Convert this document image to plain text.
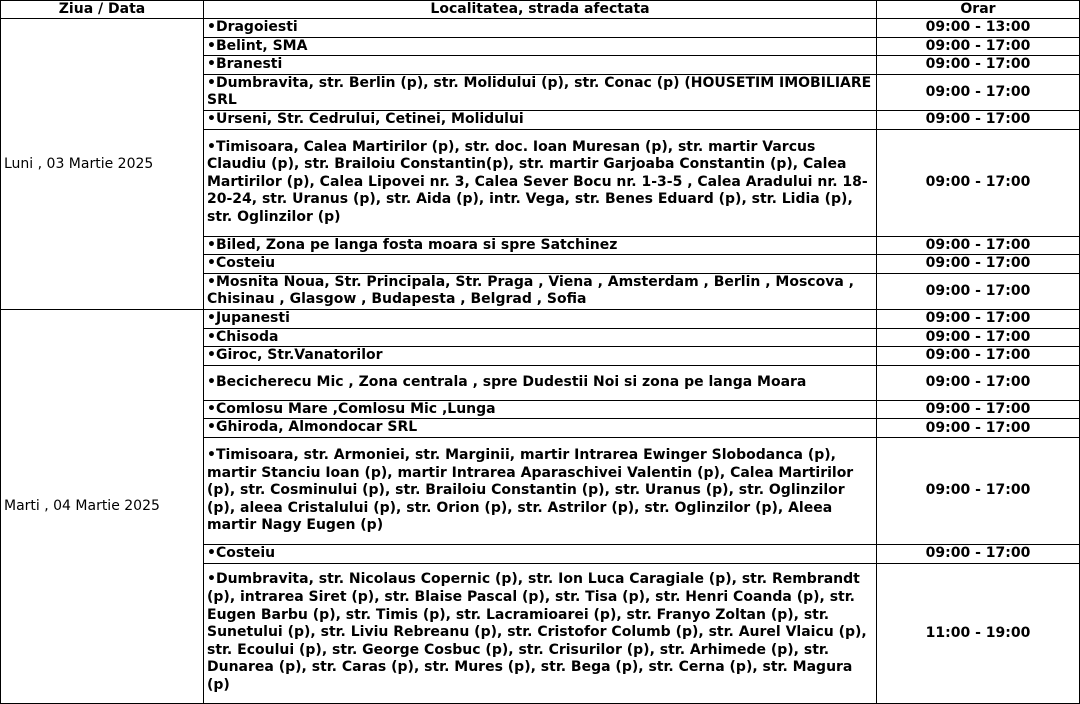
Ziua / Data	Localitatea, strada afectata	Orar
Luni , 03 Martie 2025	•Dragoiesti	09:00 - 13:00
	•Belint, SMA	09:00 - 17:00
	•Branesti	09:00 - 17:00
	•Dumbravita, str. Berlin (p), str. Molidului (p), str. Conac (p) (HOUSETIM IMOBILIARE SRL	09:00 - 17:00
	•Urseni, Str. Cedrului, Cetinei, Molidului	09:00 - 17:00
	•Timisoara, Calea Martirilor (p), str. doc. Ioan Muresan (p), str. martir Varcus Claudiu (p), str. Brailoiu Constantin(p), str. martir Garjoaba Constantin (p), Calea Martirilor (p), Calea Lipovei nr. 3, Calea Sever Bocu nr. 1-3-5 , Calea Aradului nr. 18-20-24, str. Uranus (p), str. Aida (p), intr. Vega, str. Benes Eduard (p), str. Lidia (p), str. Oglinzilor (p)	09:00 - 17:00
	•Biled, Zona pe langa fosta moara si spre Satchinez	09:00 - 17:00
	•Costeiu	09:00 - 17:00
	•Mosnita Noua, Str. Principala, Str. Praga , Viena , Amsterdam , Berlin , Moscova , Chisinau , Glasgow , Budapesta , Belgrad , Sofia	09:00 - 17:00
Marti , 04 Martie 2025	•Jupanesti	09:00 - 17:00
	•Chisoda	09:00 - 17:00
	•Giroc, Str.Vanatorilor	09:00 - 17:00
	•Becicherecu Mic , Zona centrala , spre Dudestii Noi si zona pe langa Moara	09:00 - 17:00
	•Comlosu Mare ,Comlosu Mic ,Lunga	09:00 - 17:00
	•Ghiroda, Almondocar SRL	09:00 - 17:00
	•Timisoara, str. Armoniei, str. Marginii, martir Intrarea Ewinger Slobodanca (p), martir Stanciu Ioan (p), martir Intrarea Aparaschivei Valentin (p), Calea Martirilor (p), str. Cosminului (p), str. Brailoiu Constantin (p), str. Uranus (p), str. Oglinzilor (p), aleea Cristalului (p), str. Orion (p), str. Astrilor (p), str. Oglinzilor (p), Aleea martir Nagy Eugen (p)	09:00 - 17:00
	•Costeiu	09:00 - 17:00
	•Dumbravita, str. Nicolaus Copernic (p), str. Ion Luca Caragiale (p), str. Rembrandt (p), intrarea Siret (p), str. Blaise Pascal (p), str. Tisa (p), str. Henri Coanda (p), str. Eugen Barbu (p), str. Timis (p), str. Lacramioarei (p), str. Franyo Zoltan (p), str. Sunetului (p), str. Liviu Rebreanu (p), str. Cristofor Columb (p), str. Aurel Vlaicu (p), str. Ecoului (p), str. George Cosbuc (p), str. Crisurilor (p), str. Arhimede (p), str. Dunarea (p), str. Caras (p), str. Mures (p), str. Bega (p), str. Cerna (p), str. Magura (p)	11:00 - 19:00
